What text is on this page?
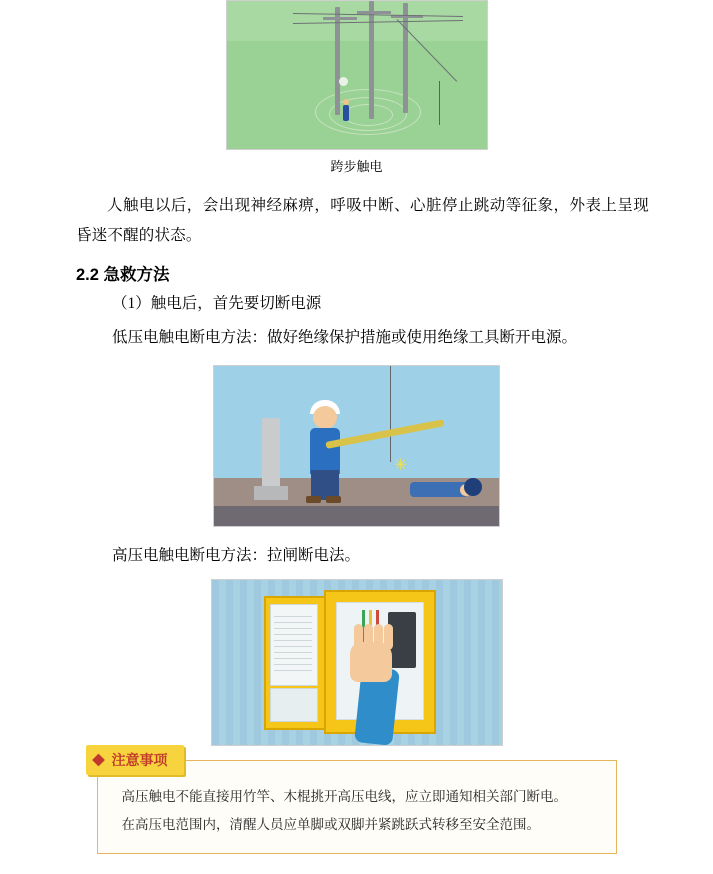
跨步触电

人触电以后，会出现神经麻痹，呼吸中断、心脏停止跳动等征象，外表上呈现昏迷不醒的状态。

2.2 急救方法

（1）触电后，首先要切断电源

低压电触电断电方法：做好绝缘保护措施或使用绝缘工具断开电源。

✳

高压电触电断电方法：拉闸断电法。

注意事项

高压触电不能直接用竹竿、木棍挑开高压电线，应立即通知相关部门断电。

在高压电范围内，清醒人员应单脚或双脚并紧跳跃式转移至安全范围。
